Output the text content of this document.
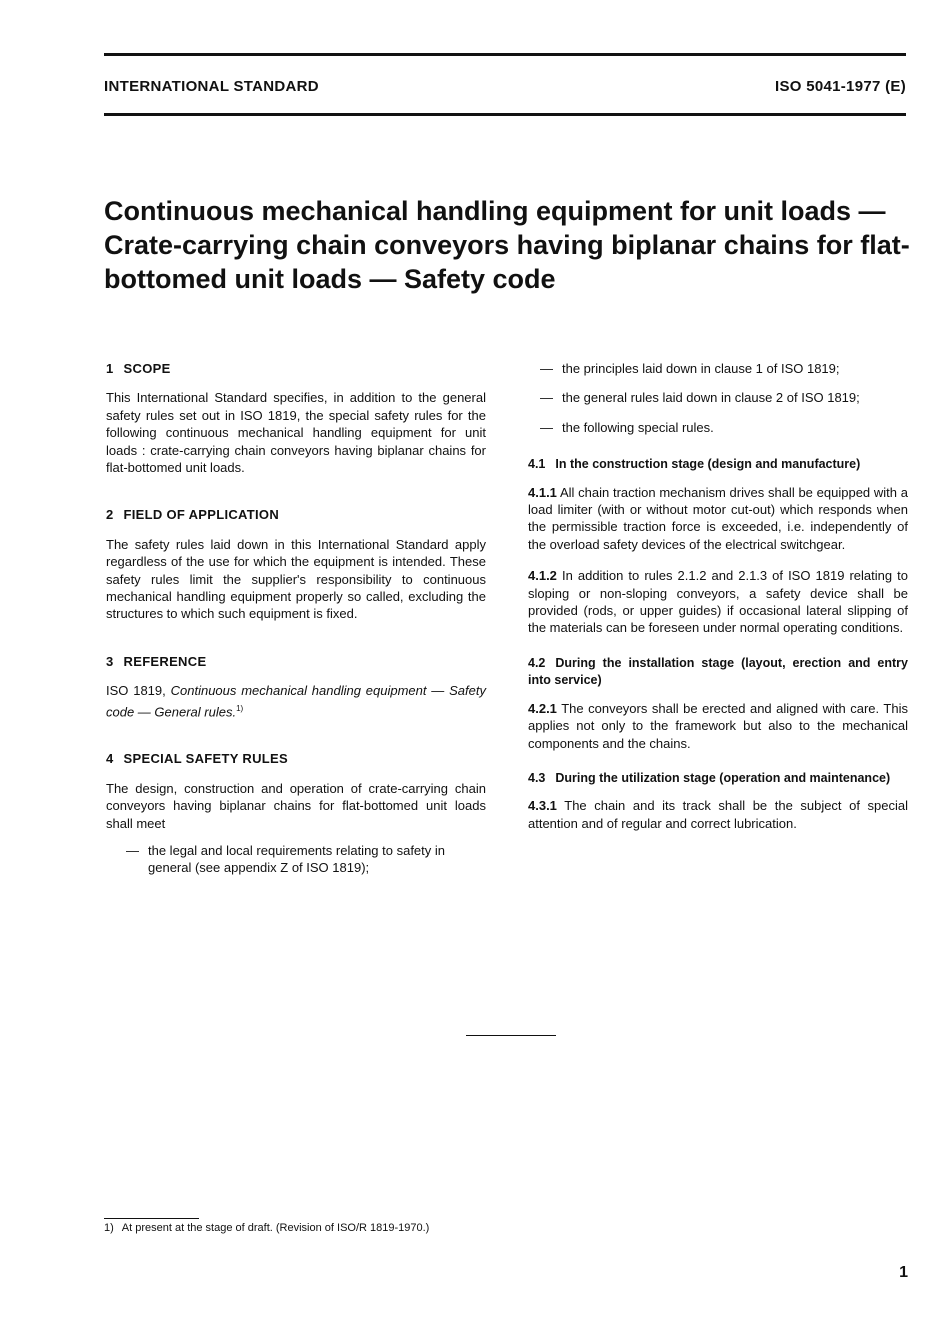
INTERNATIONAL STANDARD	ISO 5041-1977 (E)
Continuous mechanical handling equipment for unit loads — Crate-carrying chain conveyors having biplanar chains for flat-bottomed unit loads — Safety code
1 SCOPE

This International Standard specifies, in addition to the general safety rules set out in ISO 1819, the special safety rules for the following continuous mechanical handling equipment for unit loads : crate-carrying chain conveyors having biplanar chains for flat-bottomed unit loads.

2 FIELD OF APPLICATION

The safety rules laid down in this International Standard apply regardless of the use for which the equipment is intended. These safety rules limit the supplier's responsibility to continuous mechanical handling equipment properly so called, excluding the structures to which such equipment is fixed.

3 REFERENCE

ISO 1819, Continuous mechanical handling equipment — Safety code — General rules.$^{1)}$

4 SPECIAL SAFETY RULES

The design, construction and operation of crate-carrying chain conveyors having biplanar chains for flat-bottomed unit loads shall meet

— the legal and local requirements relating to safety in general (see appendix Z of ISO 1819);
— the principles laid down in clause 1 of ISO 1819;
— the general rules laid down in clause 2 of ISO 1819;
— the following special rules.
4.1 In the construction stage (design and manufacture)

4.1.1 All chain traction mechanism drives shall be equipped with a load limiter (with or without motor cut-out) which responds when the permissible traction force is exceeded, i.e. independently of the overload safety devices of the electrical switchgear.

4.1.2 In addition to rules 2.1.2 and 2.1.3 of ISO 1819 relating to sloping or non-sloping conveyors, a safety device shall be provided (rods, or upper guides) if occasional lateral slipping of the materials can be foreseen under normal operating conditions.

4.2 During the installation stage (layout, erection and entry into service)

4.2.1 The conveyors shall be erected and aligned with care. This applies not only to the framework but also to the mechanical components and the chains.

4.3 During the utilization stage (operation and maintenance)

4.3.1 The chain and its track shall be the subject of special attention and of regular and correct lubrication.

1) At present at the stage of draft. (Revision of ISO/R 1819-1970.)
1
